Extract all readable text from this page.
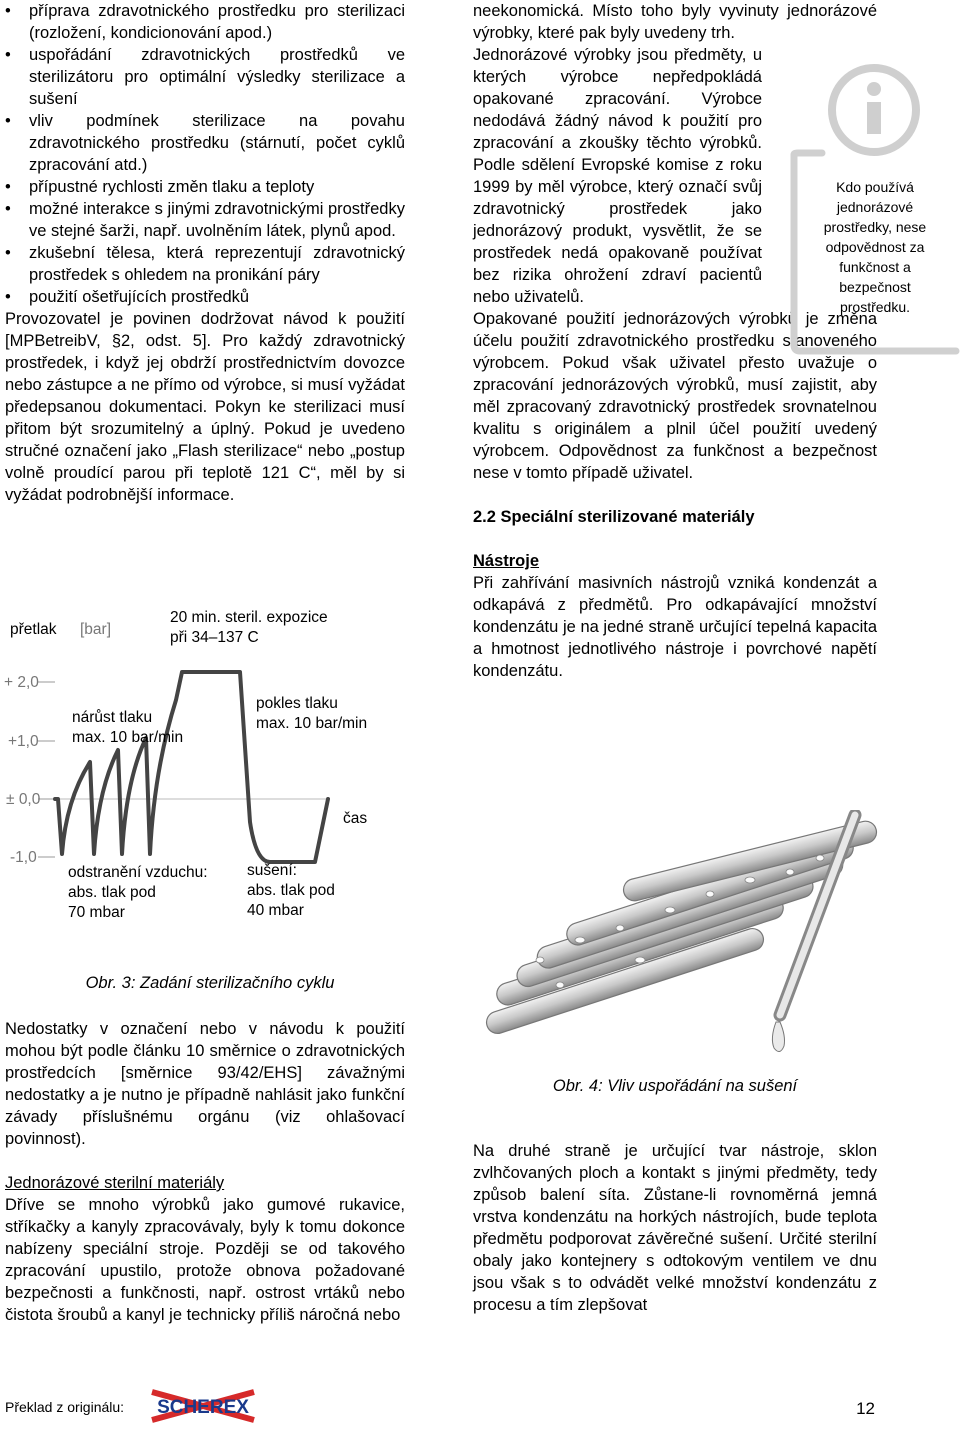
• příprava zdravotnického prostředku pro sterilizaci (rozložení, kondicionování apod.)
• uspořádání zdravotnických prostředků ve sterilizátoru pro optimální výsledky sterilizace a sušení
• vliv podmínek sterilizace na povahu zdravotnického prostředku (stárnutí, počet cyklů zpracování atd.)
• přípustné rychlosti změn tlaku a teploty
• možné interakce s jinými zdravotnickými prostředky ve stejné šarži, např. uvolněním látek, plynů apod.
• zkušební tělesa, která reprezentují zdravotnický prostředek s ohledem na pronikání páry
• použití ošetřujících prostředků

Provozovatel je povinen dodržovat návod k použití [MPBetreibV, §2, odst. 5]. Pro každý zdravotnický prostředek, i když jej obdrží prostřednictvím dovozce nebo zástupce a ne přímo od výrobce, si musí vyžádat předepsanou dokumentaci. Pokyn ke sterilizaci musí přitom být srozumitelný a úplný. Pokud je uvedeno stručné označení jako „Flash sterilizace“ nebo „postup volně proudící parou při teplotě 121 C“, měl by si vyžádat podrobnější informace.

přetlak [bar]
+ 2,0
+1,0
± 0,0
-1,0
20 min. steril. expozice
při 34–137 C
nárůst tlaku
max. 10 bar/min
pokles tlaku
max. 10 bar/min
čas
odstranění vzduchu:
abs. tlak pod
70 mbar
sušení:
abs. tlak pod
40 mbar
Obr. 3: Zadání sterilizačního cyklu

Nedostatky v označení nebo v návodu k použití mohou být podle článku 10 směrnice o zdravotnických prostředcích [směrnice 93/42/EHS] závažnými nedostatky a je nutno je případně nahlásit jako funkční závady příslušnému orgánu (viz ohlašovací povinnost).

Jednorázové sterilní materiály

Dříve se mnoho výrobků jako gumové rukavice, stříkačky a kanyly zpracovávaly, byly k tomu dokonce nabízeny speciální stroje. Později se od takového zpracování upustilo, protože obnova požadované bezpečnosti a funkčnosti, např. ostrost vrtáků nebo čistota šroubů a kanyl je technicky příliš náročná nebo

neekonomická. Místo toho byly vyvinuty jednorázové výrobky, které pak byly uvedeny trh.

Jednorázové výrobky jsou předměty, u kterých výrobce nepředpokládá opakované zpracování. Výrobce nedodává žádný návod k použití pro zpracování a zkoušky těchto výrobků. Podle sdělení Evropské komise z roku 1999 by měl výrobce, který označí svůj zdravotnický prostředek jako jednorázový produkt, vysvětlit, že se prostředek nedá opakovaně používat bez rizika ohrožení zdraví pacientů nebo uživatelů.

Opakované použití jednorázových výrobků je změna účelu použití zdravotnického prostředku stanoveného výrobcem. Pokud však uživatel přesto uvažuje o zpracování jednorázových výrobků, musí zajistit, aby měl zpracovaný zdravotnický prostředek srovnatelnou kvalitu s originálem a plnil účel použití uvedený výrobcem. Odpovědnost za funkčnost a bezpečnost nese v tomto případě uživatel.

2.2 Speciální sterilizované materiály

Nástroje

Při zahřívání masivních nástrojů vzniká kondenzát a odkapává z předmětů. Pro odkapávající množství kondenzátu je na jedné straně určující tepelná kapacita a hmotnost jednotlivého nástroje i povrchové napětí kondenzátu.

Kdo používá jednorázové prostředky, nese odpovědnost za funkčnost a bezpečnost prostředku.
Obr. 4: Vliv uspořádání na sušení

Na druhé straně je určující tvar nástroje, sklon zvlhčovaných ploch a kontakt s jinými předměty, tedy způsob balení síta. Zůstane-li rovnoměrná jemná vrstva kondenzátu na horkých nástrojích, bude teplota předmětu podporovat závěrečné sušení. Určité sterilní obaly jako kontejnery s odtokovým ventilem ve dnu jsou však s to odvádět velké množství kondenzátu z procesu a tím zlepšovat

Překlad z originálu: SCHEREX	12
